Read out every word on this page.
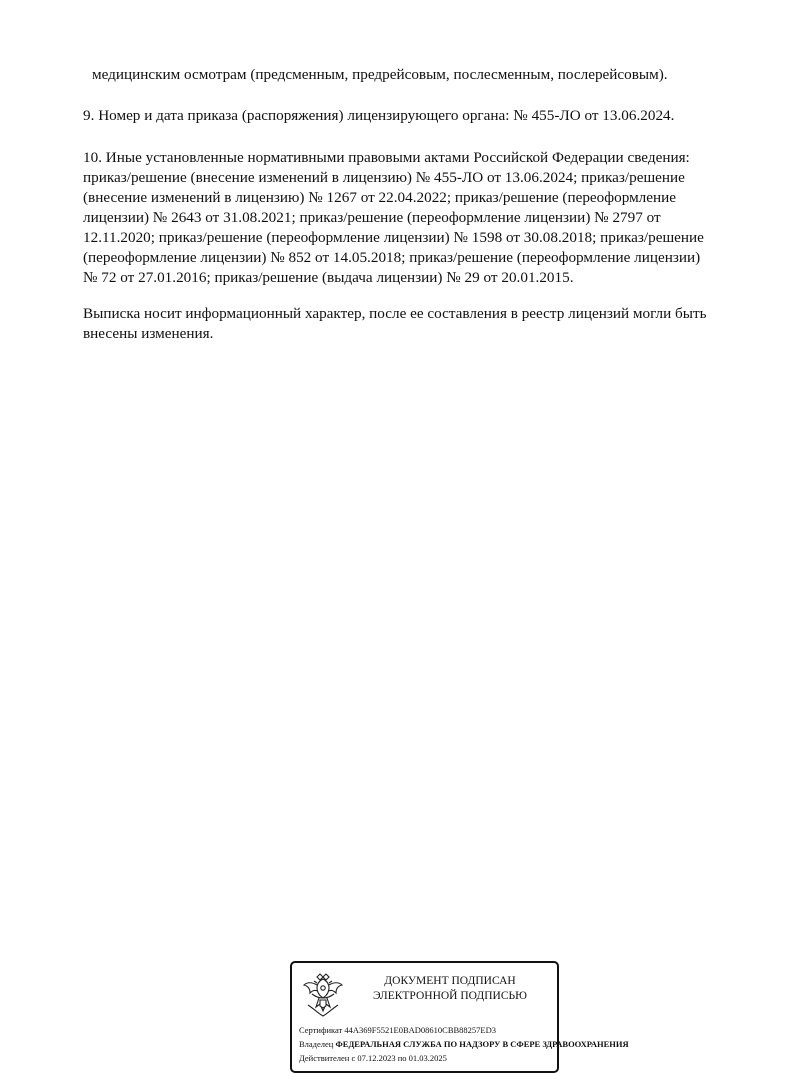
медицинским осмотрам (предсменным, предрейсовым, послесменным, послерейсовым).
9. Номер и дата приказа (распоряжения) лицензирующего органа: № 455-ЛО от 13.06.2024.
10. Иные установленные нормативными правовыми актами Российской Федерации сведения:
приказ/решение (внесение изменений в лицензию) № 455-ЛО от 13.06.2024; приказ/решение
(внесение изменений в лицензию) № 1267 от 22.04.2022; приказ/решение (переоформление
лицензии) № 2643 от 31.08.2021; приказ/решение (переоформление лицензии) № 2797 от
12.11.2020; приказ/решение (переоформление лицензии) № 1598 от 30.08.2018; приказ/решение
(переоформление лицензии) № 852 от 14.05.2018; приказ/решение (переоформление лицензии)
№ 72 от 27.01.2016; приказ/решение (выдача лицензии) № 29 от 20.01.2015.
Выписка носит информационный характер, после ее составления в реестр лицензий могли быть
внесены изменения.
ДОКУМЕНТ ПОДПИСАН
ЭЛЕКТРОННОЙ ПОДПИСЬЮ
Сертификат 44A369F5521E0BAD08610CBB88257ED3
Владелец ФЕДЕРАЛЬНАЯ СЛУЖБА ПО НАДЗОРУ В СФЕРЕ ЗДРАВООХРАНЕНИЯ
Действителен с 07.12.2023 по 01.03.2025
